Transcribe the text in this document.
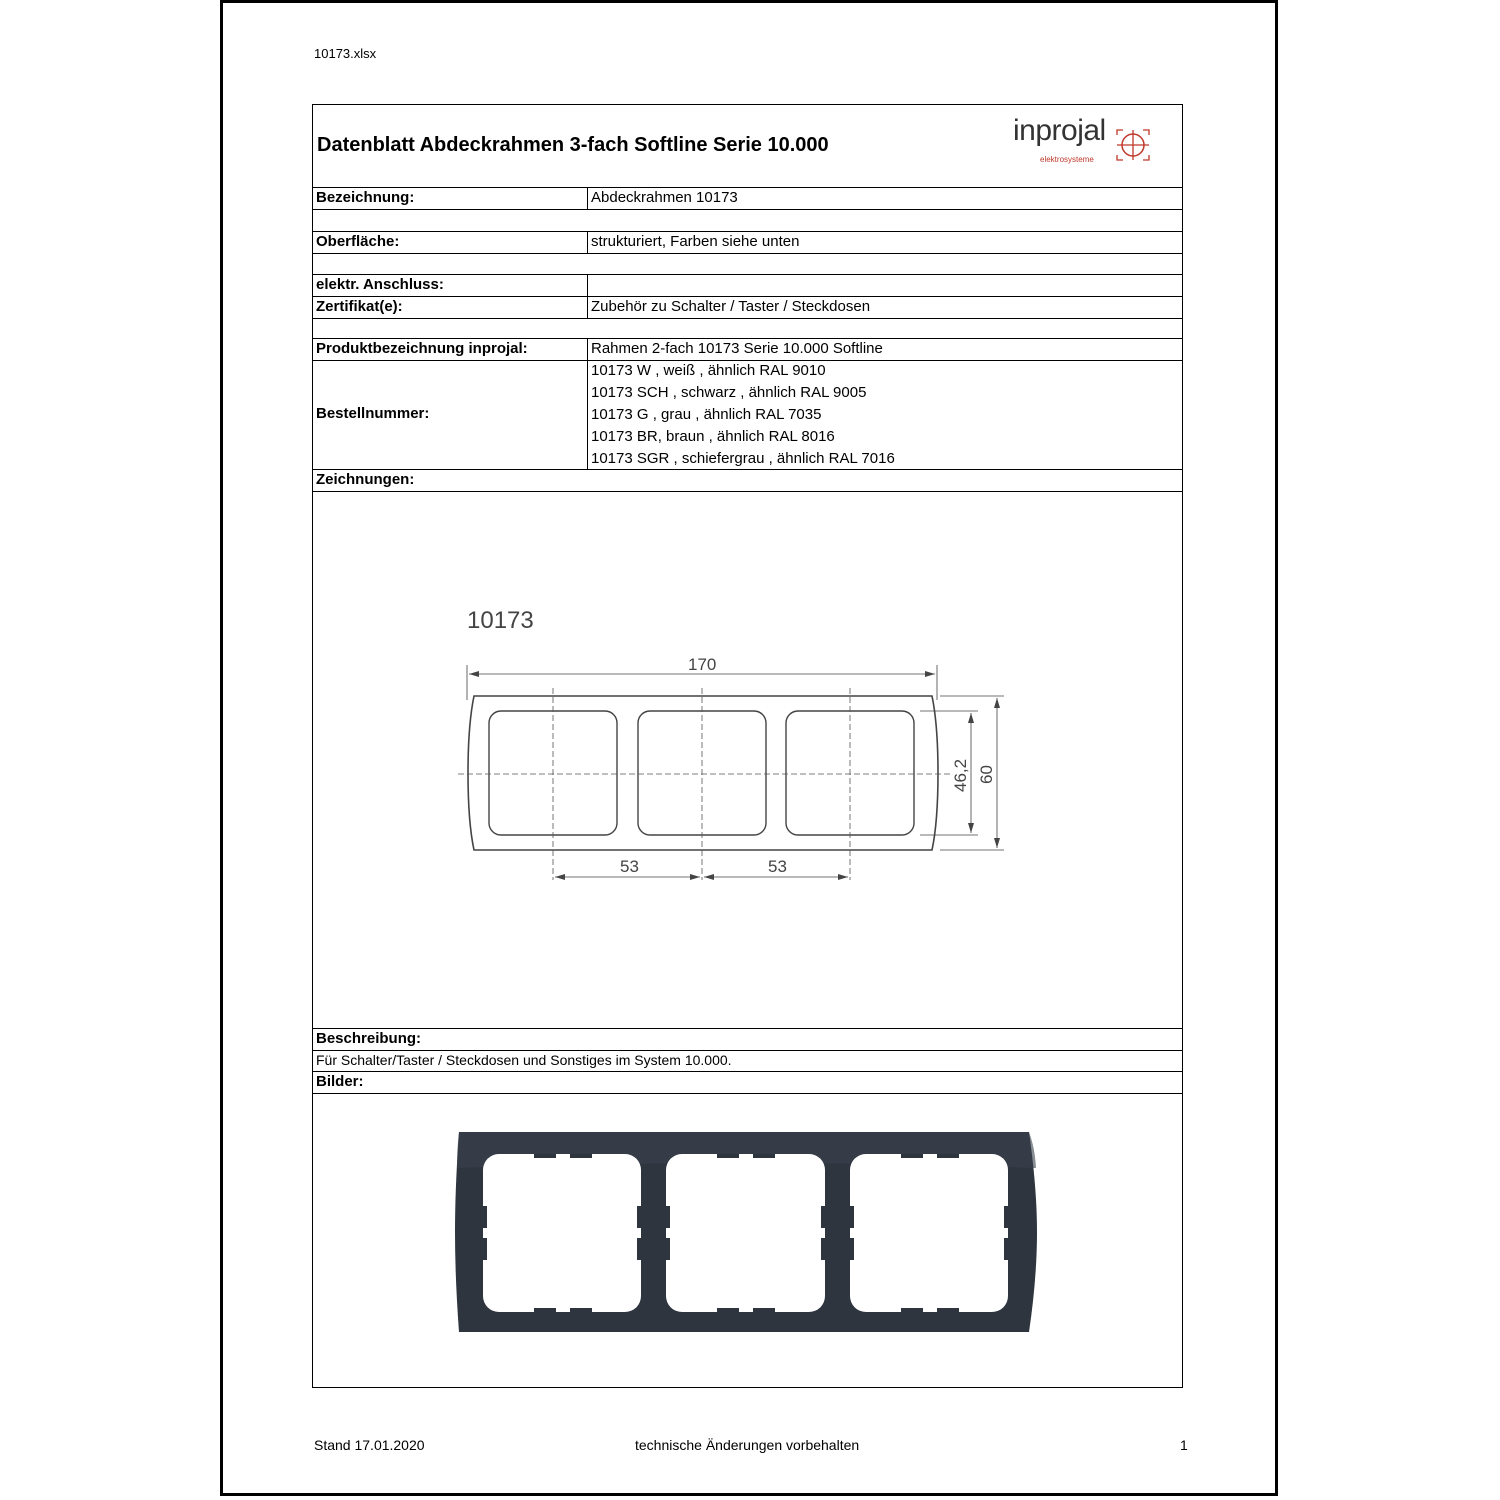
10173.xlsx
Datenblatt Abdeckrahmen 3-fach Softline Serie 10.000	inprojal
elektrosysteme
Bezeichnung:	Abdeckrahmen 10173
Oberfläche:	strukturiert, Farben siehe unten
elektr. Anschluss:
Zertifikat(e):	Zubehör zu Schalter / Taster / Steckdosen
Produktbezeichnung inprojal:	Rahmen 2-fach 10173 Serie 10.000 Softline
Bestellnummer:
10173 W , weiß , ähnlich RAL 9010
10173 SCH , schwarz , ähnlich RAL 9005
10173 G , grau , ähnlich RAL 7035
10173 BR, braun , ähnlich RAL 8016
10173 SGR , schiefergrau , ähnlich RAL 7016
Zeichnungen:
10173
170
53	53
46,2 60
Beschreibung:
Für Schalter/Taster / Steckdosen und Sonstiges im System 10.000.
Bilder:
Stand 17.01.2020	technische Änderungen vorbehalten	1
